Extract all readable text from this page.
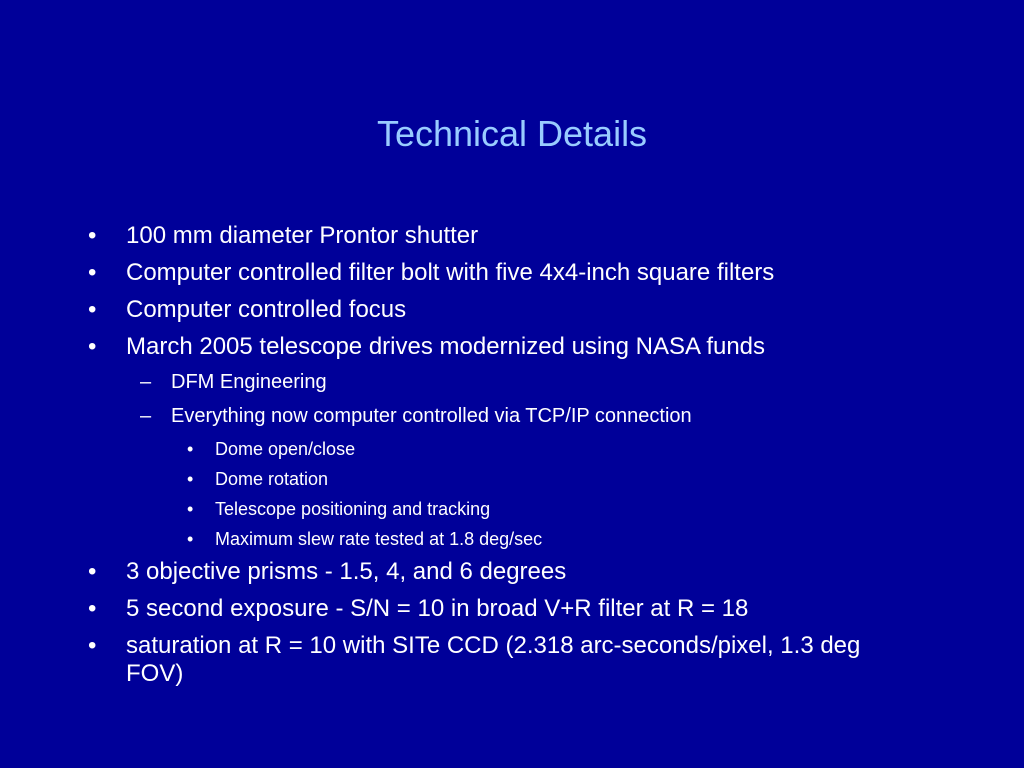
Technical Details
• 100 mm diameter Prontor shutter
• Computer controlled filter bolt with five 4x4-inch square filters
• Computer controlled focus
• March 2005 telescope drives modernized using NASA funds
– DFM Engineering
– Everything now computer controlled via TCP/IP connection
• Dome open/close
• Dome rotation
• Telescope positioning and tracking
• Maximum slew rate tested at 1.8 deg/sec
• 3 objective prisms - 1.5, 4, and 6 degrees
• 5 second exposure - S/N = 10 in broad V+R filter at R = 18
• saturation at R = 10 with SITe CCD (2.318 arc-seconds/pixel, 1.3 deg FOV)
